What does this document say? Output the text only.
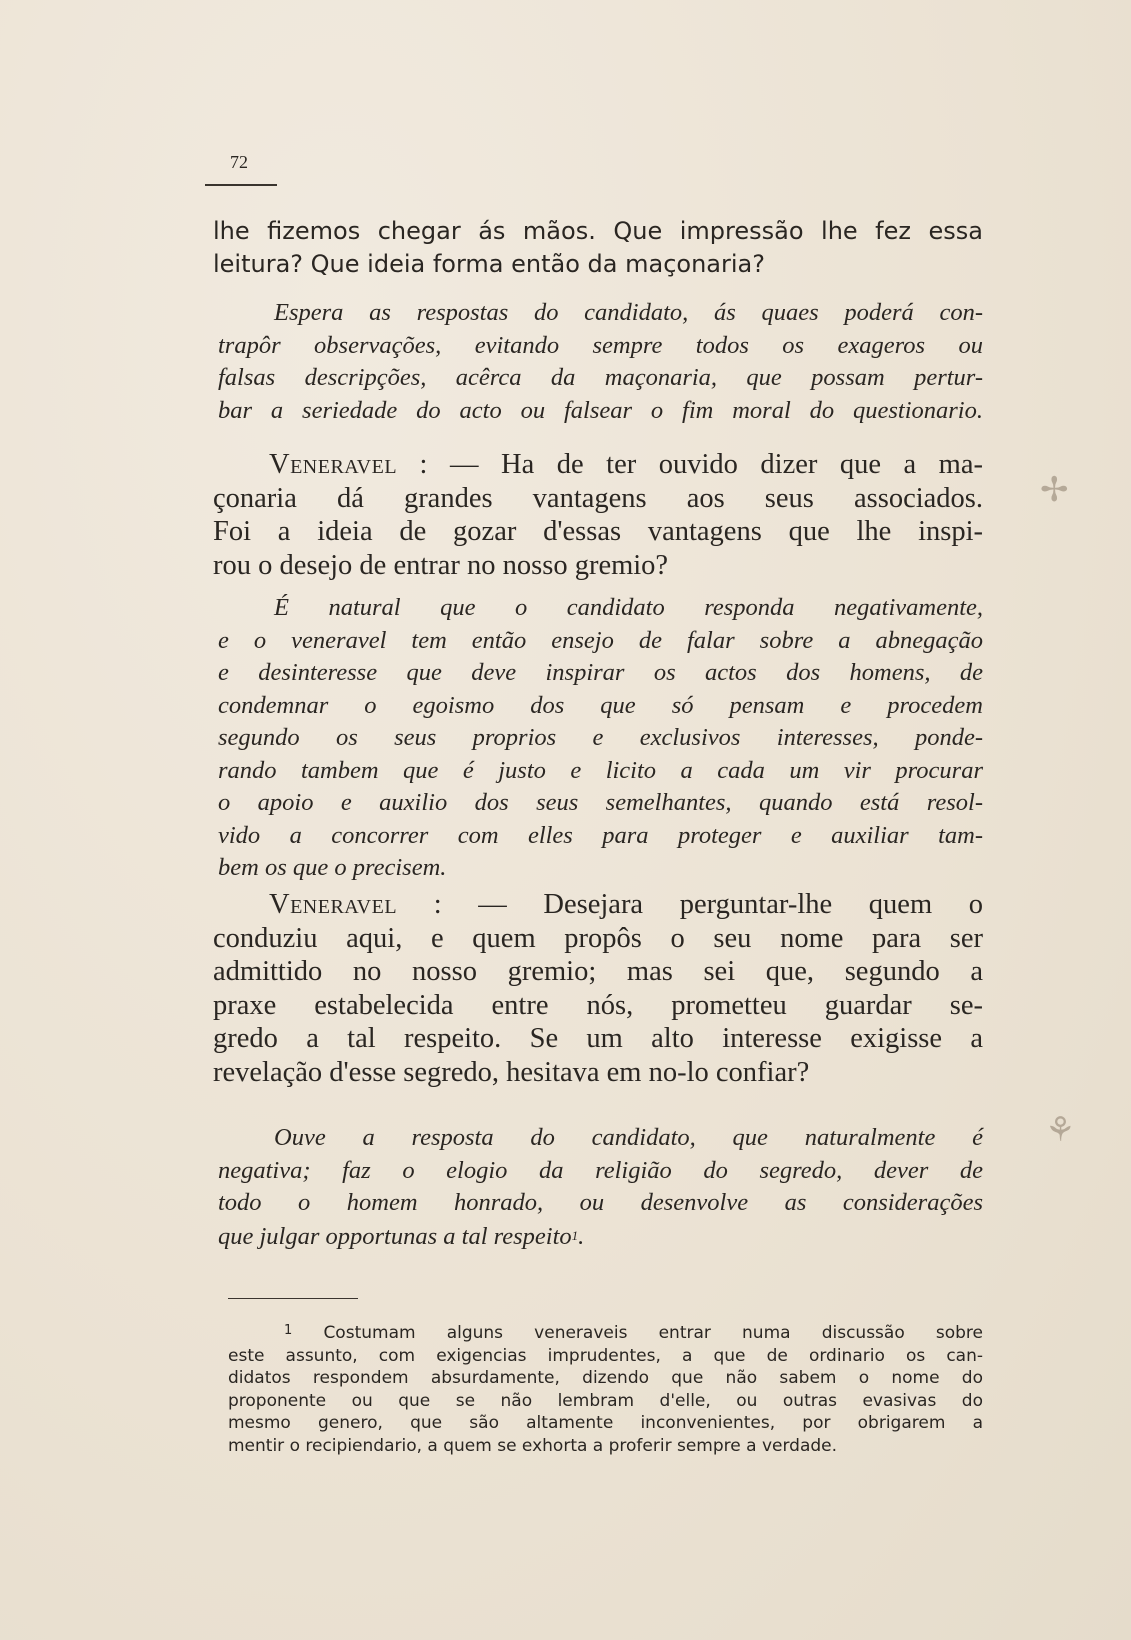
72
lhe fizemos chegar ás mãos. Que impressão lhe fez essa
leitura? Que ideia forma então da maçonaria?
Espera as respostas do candidato, ás quaes poderá con-
trapôr observações, evitando sempre todos os exageros ou
falsas descripções, acêrca da maçonaria, que possam pertur-
bar a seriedade do acto ou falsear o fim moral do questionario.
Veneravel : — Ha de ter ouvido dizer que a ma-
çonaria dá grandes vantagens aos seus associados.
Foi a ideia de gozar d'essas vantagens que lhe inspi-
rou o desejo de entrar no nosso gremio?
É natural que o candidato responda negativamente,
e o veneravel tem então ensejo de falar sobre a abnegação
e desinteresse que deve inspirar os actos dos homens, de
condemnar o egoismo dos que só pensam e procedem
segundo os seus proprios e exclusivos interesses, ponde-
rando tambem que é justo e licito a cada um vir procurar
o apoio e auxilio dos seus semelhantes, quando está resol-
vido a concorrer com elles para proteger e auxiliar tam-
bem os que o precisem.
Veneravel : — Desejara perguntar-lhe quem o
conduziu aqui, e quem propôs o seu nome para ser
admittido no nosso gremio; mas sei que, segundo a
praxe estabelecida entre nós, prometteu guardar se-
gredo a tal respeito. Se um alto interesse exigisse a
revelação d'esse segredo, hesitava em no-lo confiar?
Ouve a resposta do candidato, que naturalmente é
negativa; faz o elogio da religião do segredo, dever de
todo o homem honrado, ou desenvolve as considerações
que julgar opportunas a tal respeito$^1$.
$^1$ Costumam alguns veneraveis entrar numa discussão sobre
este assunto, com exigencias imprudentes, a que de ordinario os can-
didatos respondem absurdamente, dizendo que não sabem o nome do
proponente ou que se não lembram d'elle, ou outras evasivas do
mesmo genero, que são altamente inconvenientes, por obrigarem a
mentir o recipiendario, a quem se exhorta a proferir sempre a verdade.
✢
⚘
